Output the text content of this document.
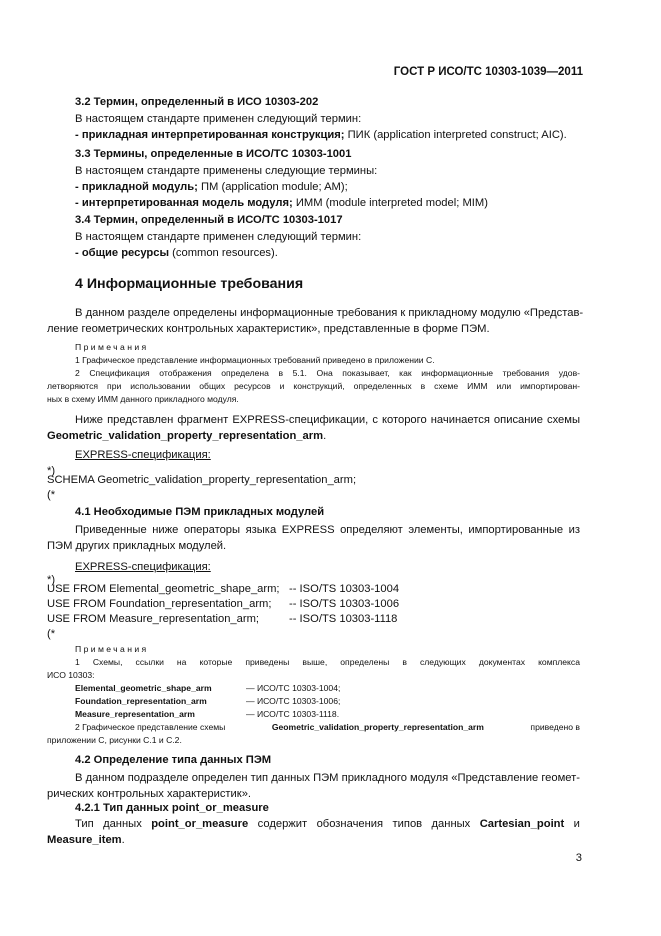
ГОСТ Р ИСО/ТС 10303-1039—2011
3.2 Термин, определенный в ИСО 10303-202
В настоящем стандарте применен следующий термин:
- прикладная интерпретированная конструкция; ПИК (application interpreted construct; AIC).
3.3 Термины, определенные в ИСО/ТС 10303-1001
В настоящем стандарте применены следующие термины:
- прикладной модуль; ПМ (application module; AM);
- интерпретированная модель модуля; ИММ (module interpreted model; MIM)
3.4 Термин, определенный в ИСО/ТС 10303-1017
В настоящем стандарте применен следующий термин:
- общие ресурсы (common resources).
4 Информационные требования
В данном разделе определены информационные требования к прикладному модулю «Представ-
ление геометрических контрольных характеристик», представленные в форме ПЭМ.
Примечания
1 Графическое представление информационных требований приведено в приложении С.
2 Спецификация отображения определена в 5.1. Она показывает, как информационные требования удов-
летворяются при использовании общих ресурсов и конструкций, определенных в схеме ИММ или импортирован-
ных в схему ИММ данного прикладного модуля.
Ниже представлен фрагмент EXPRESS-спецификации, с которого начинается описание схемы
Geometric_validation_property_representation_arm.
EXPRESS-спецификация:
*)
SCHEMA Geometric_validation_property_representation_arm;
(*
4.1 Необходимые ПЭМ прикладных модулей
Приведенные ниже операторы языка EXPRESS определяют элементы, импортированные из
ПЭМ других прикладных модулей.
EXPRESS-спецификация:
*)
USE FROM Elemental_geometric_shape_arm; -- ISO/TS 10303-1004
USE FROM Foundation_representation_arm; -- ISO/TS 10303-1006
USE FROM Measure_representation_arm;	-- ISO/TS 10303-1118
(*
Примечания
1 Схемы, ссылки на которые приведены выше, определены в следующих документах комплекса
ИСО 10303:
Elemental_geometric_shape_arm	— ИСО/ТС 10303-1004;
Foundation_representation_arm	— ИСО/ТС 10303-1006;
Measure_representation_arm	— ИСО/ТС 10303-1118.
2 Графическое представление схемы	Geometric_validation_property_representation_arm	приведено в
приложении С, рисунки С.1 и С.2.
4.2 Определение типа данных ПЭМ
В данном подразделе определен тип данных ПЭМ прикладного модуля «Представление геомет-
рических контрольных характеристик».
4.2.1 Тип данных point_or_measure
Тип данных point_or_measure содержит обозначения типов данных Cartesian_point и
Measure_item.
3
